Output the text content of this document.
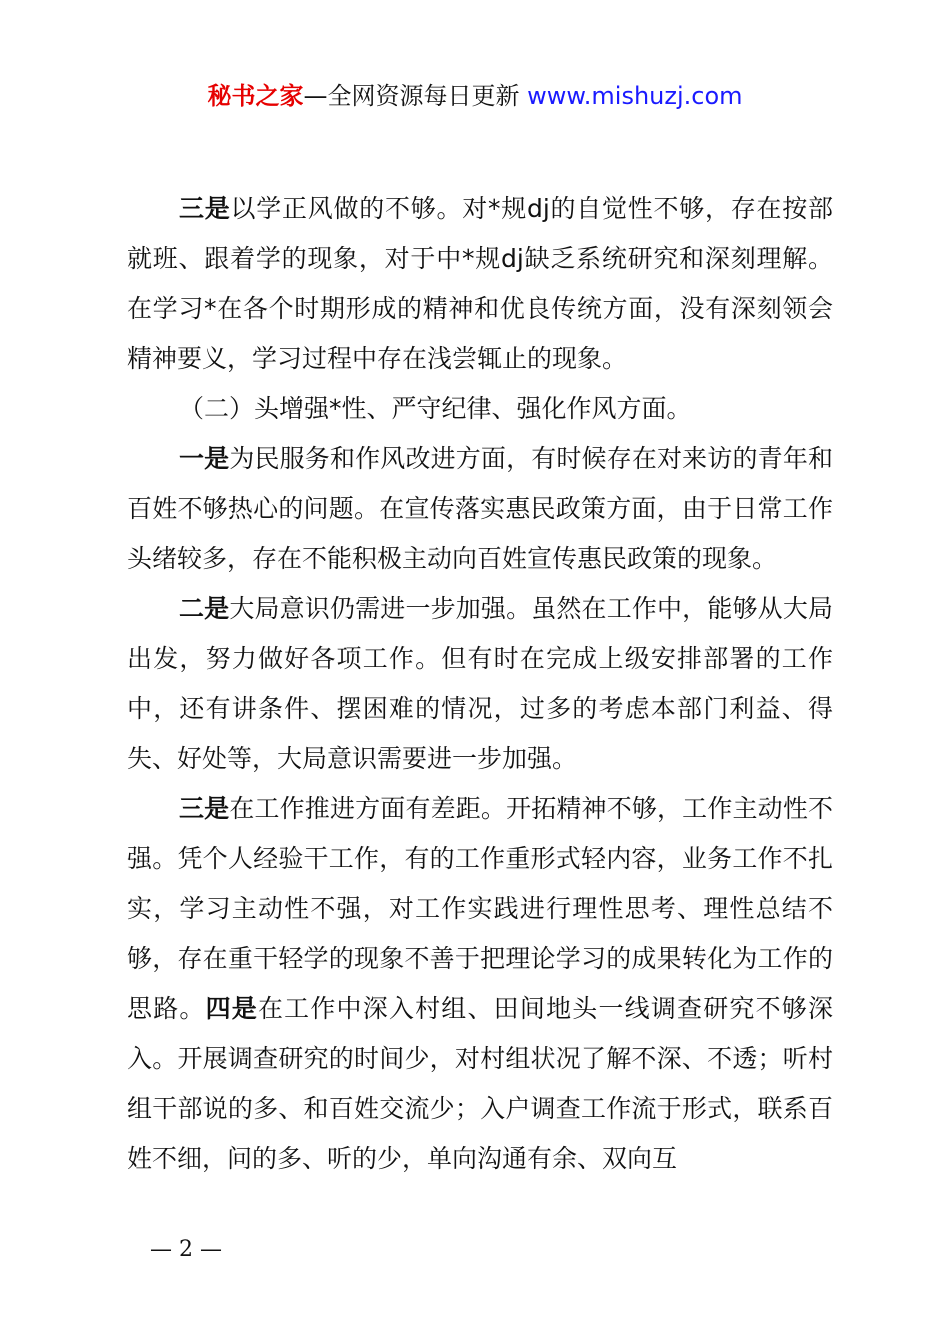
秘书之家—全网资源每日更新 www.mishuzj.com

三是以学正风做的不够。对*规dj的自觉性不够，存在按部就班、跟着学的现象，对于中*规dj缺乏系统研究和深刻理解。在学习*在各个时期形成的精神和优良传统方面，没有深刻领会精神要义，学习过程中存在浅尝辄止的现象。

（二）头增强*性、严守纪律、强化作风方面。

一是为民服务和作风改进方面，有时候存在对来访的青年和百姓不够热心的问题。在宣传落实惠民政策方面，由于日常工作头绪较多，存在不能积极主动向百姓宣传惠民政策的现象。

二是大局意识仍需进一步加强。虽然在工作中，能够从大局出发，努力做好各项工作。但有时在完成上级安排部署的工作中，还有讲条件、摆困难的情况，过多的考虑本部门利益、得失、好处等，大局意识需要进一步加强。

三是在工作推进方面有差距。开拓精神不够，工作主动性不强。凭个人经验干工作，有的工作重形式轻内容，业务工作不扎实，学习主动性不强，对工作实践进行理性思考、理性总结不够，存在重干轻学的现象不善于把理论学习的成果转化为工作的思路。四是在工作中深入村组、田间地头一线调查研究不够深入。开展调查研究的时间少，对村组状况了解不深、不透；听村组干部说的多、和百姓交流少；入户调查工作流于形式，联系百姓不细，问的多、听的少，单向沟通有余、双向互

— 2 —
